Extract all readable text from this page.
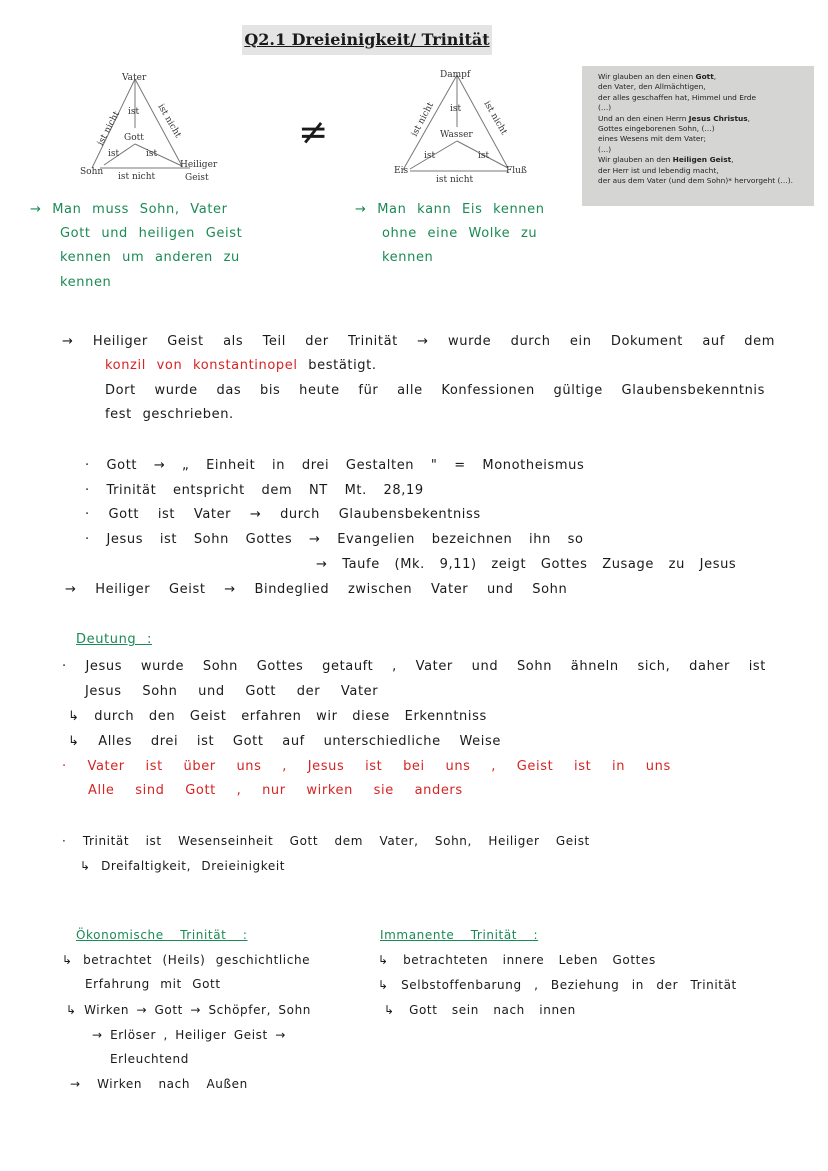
Q2.1 Dreieinigkeit/ Trinität
Vater
Gott
Sohn
Heiliger
Geist
ist
ist	ist
ist nicht
ist nicht	ist nicht	≠
Dampf
Wasser
Eis	Fluß
ist
ist	ist
ist nicht
ist nicht	ist nicht
Wir glauben an den einen Gott,
den Vater, den Allmächtigen,
der alles geschaffen hat, Himmel und Erde
(…)
Und an den einen Herrn Jesus Christus,
Gottes eingeborenen Sohn, (…)
eines Wesens mit dem Vater;
(…)
Wir glauben an den Heiligen Geist,
der Herr ist und lebendig macht,
der aus dem Vater (und dem Sohn)* hervorgeht (…).
→ Man muss Sohn, Vater
Gott und heiligen Geist
kennen um anderen zu
kennen
→ Man kann Eis kennen
ohne eine Wolke zu
kennen
→ Heiliger Geist als Teil der Trinität → wurde durch ein Dokument auf dem
konzil von konstantinopel bestätigt.
Dort wurde das bis heute für alle Konfessionen gültige Glaubensbekenntnis
fest geschrieben.
· Gott → „ Einheit in drei Gestalten " = Monotheismus
· Trinität entspricht dem NT Mt. 28,19
· Gott ist Vater → durch Glaubensbekentniss
· Jesus ist Sohn Gottes → Evangelien bezeichnen ihn so
→ Taufe (Mk. 9,11) zeigt Gottes Zusage zu Jesus
→ Heiliger Geist → Bindeglied zwischen Vater und Sohn
Deutung :
· Jesus wurde Sohn Gottes getauft , Vater und Sohn ähneln sich, daher ist
Jesus Sohn und Gott der Vater
↳ durch den Geist erfahren wir diese Erkenntniss
↳ Alles drei ist Gott auf unterschiedliche Weise
· Vater ist über uns , Jesus ist bei uns , Geist ist in uns
Alle sind Gott , nur wirken sie anders
· Trinität ist Wesenseinheit Gott dem Vater, Sohn, Heiliger Geist
↳ Dreifaltigkeit, Dreieinigkeit
Ökonomische Trinität :
↳ betrachtet (Heils) geschichtliche
Erfahrung mit Gott
↳ Wirken → Gott → Schöpfer, Sohn
→ Erlöser , Heiliger Geist →
Erleuchtend
→ Wirken nach Außen
Immanente Trinität :
↳ betrachteten innere Leben Gottes
↳ Selbstoffenbarung , Beziehung in der Trinität
↳ Gott sein nach innen
